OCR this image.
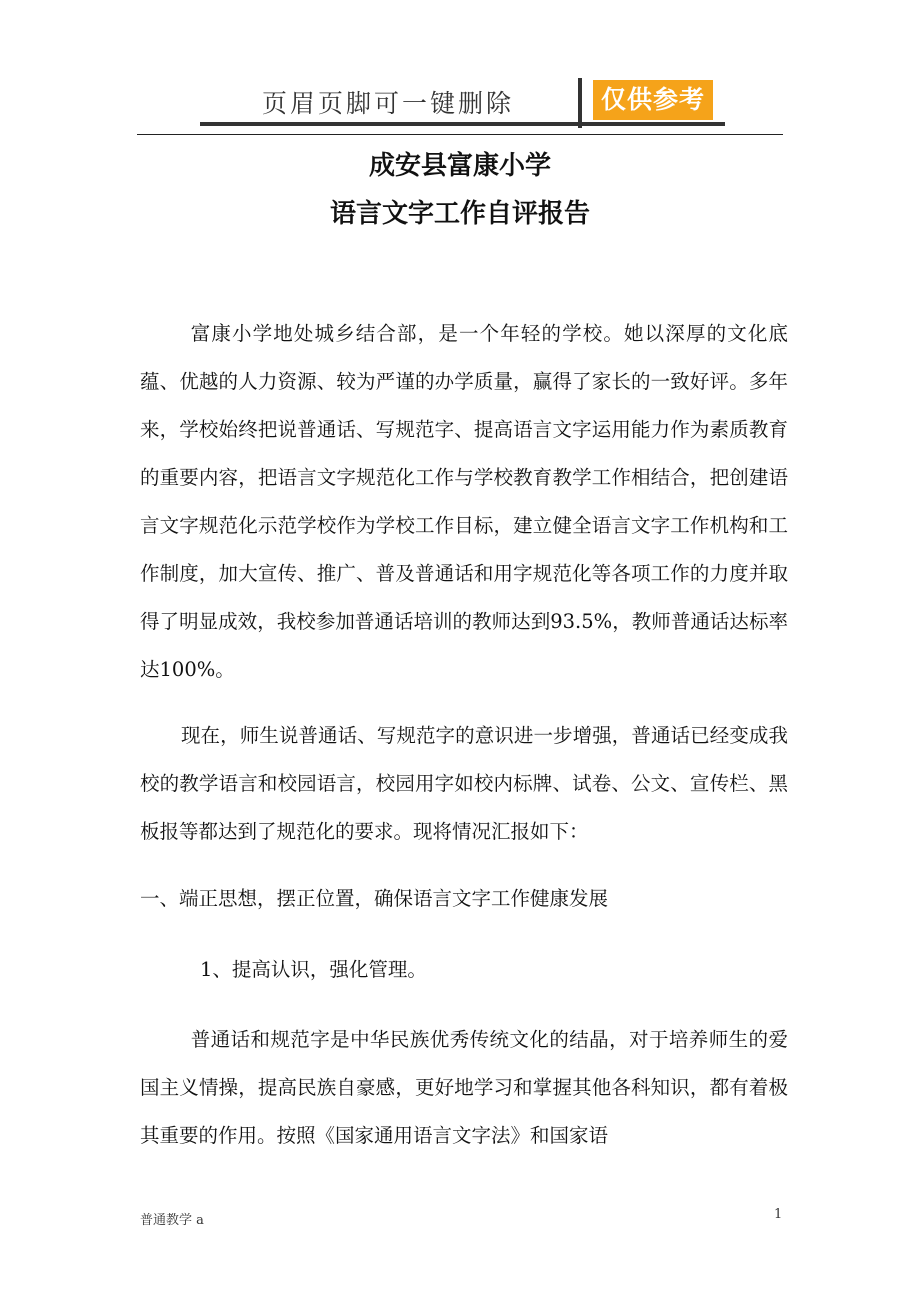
页眉页脚可一键删除	仅供参考
成安县富康小学
语言文字工作自评报告

富康小学地处城乡结合部，是一个年轻的学校。她以深厚的文化底蕴、优越的人力资源、较为严谨的办学质量，赢得了家长的一致好评。多年来，学校始终把说普通话、写规范字、提高语言文字运用能力作为素质教育的重要内容，把语言文字规范化工作与学校教育教学工作相结合，把创建语言文字规范化示范学校作为学校工作目标，建立健全语言文字工作机构和工作制度，加大宣传、推广、普及普通话和用字规范化等各项工作的力度并取得了明显成效，我校参加普通话培训的教师达到93.5%，教师普通话达标率达100%。

现在，师生说普通话、写规范字的意识进一步增强，普通话已经变成我校的教学语言和校园语言，校园用字如校内标牌、试卷、公文、宣传栏、黑板报等都达到了规范化的要求。现将情况汇报如下：

一、端正思想，摆正位置，确保语言文字工作健康发展

1、提高认识，强化管理。

普通话和规范字是中华民族优秀传统文化的结晶，对于培养师生的爱国主义情操，提高民族自豪感，更好地学习和掌握其他各科知识，都有着极其重要的作用。按照《国家通用语言文字法》和国家语

普通教学 a	1
